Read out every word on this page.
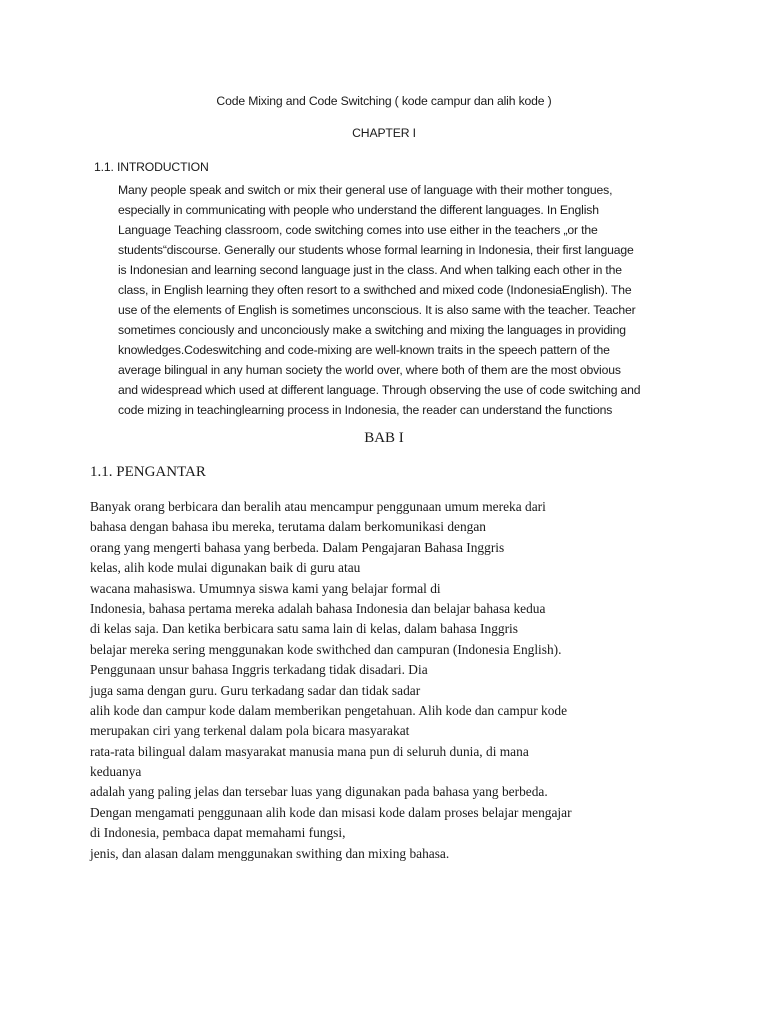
Code Mixing and Code Switching ( kode campur dan alih kode )
CHAPTER I
1.1. INTRODUCTION
Many people speak and switch or mix their general use of language with their mother tongues,
especially in communicating with people who understand the different languages. In English
Language Teaching classroom, code switching comes into use either in the teachers „or the
students“discourse. Generally our students whose formal learning in Indonesia, their first language
is Indonesian and learning second language just in the class. And when talking each other in the
class, in English learning they often resort to a swithched and mixed code (IndonesiaEnglish). The
use of the elements of English is sometimes unconscious. It is also same with the teacher. Teacher
sometimes conciously and unconciously make a switching and mixing the languages in providing
knowledges.Codeswitching and code-mixing are well-known traits in the speech pattern of the
average bilingual in any human society the world over, where both of them are the most obvious
and widespread which used at different language. Through observing the use of code switching and
code mizing in teachinglearning process in Indonesia, the reader can understand the functions
BAB I
1.1. PENGANTAR
Banyak orang berbicara dan beralih atau mencampur penggunaan umum mereka dari
bahasa dengan bahasa ibu mereka, terutama dalam berkomunikasi dengan
orang yang mengerti bahasa yang berbeda. Dalam Pengajaran Bahasa Inggris
kelas, alih kode mulai digunakan baik di guru atau
wacana mahasiswa. Umumnya siswa kami yang belajar formal di
Indonesia, bahasa pertama mereka adalah bahasa Indonesia dan belajar bahasa kedua
di kelas saja. Dan ketika berbicara satu sama lain di kelas, dalam bahasa Inggris
belajar mereka sering menggunakan kode swithched dan campuran (Indonesia English).
Penggunaan unsur bahasa Inggris terkadang tidak disadari. Dia
juga sama dengan guru. Guru terkadang sadar dan tidak sadar
alih kode dan campur kode dalam memberikan pengetahuan. Alih kode dan campur kode
merupakan ciri yang terkenal dalam pola bicara masyarakat
rata-rata bilingual dalam masyarakat manusia mana pun di seluruh dunia, di mana
keduanya
adalah yang paling jelas dan tersebar luas yang digunakan pada bahasa yang berbeda.
Dengan mengamati penggunaan alih kode dan misasi kode dalam proses belajar mengajar
di Indonesia, pembaca dapat memahami fungsi,
jenis, dan alasan dalam menggunakan swithing dan mixing bahasa.
